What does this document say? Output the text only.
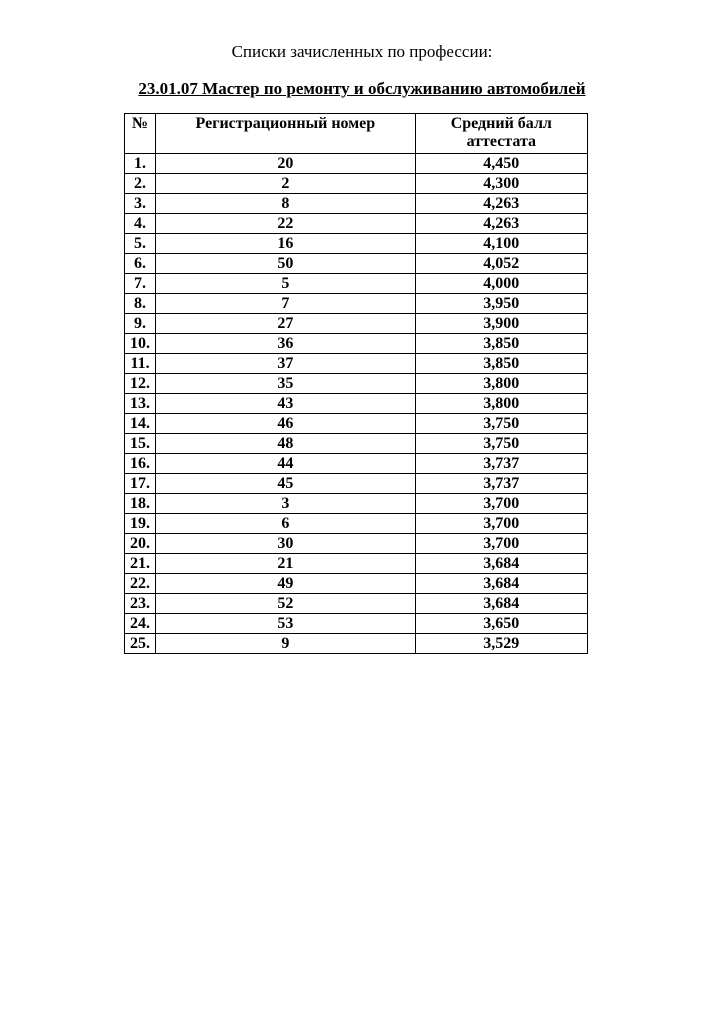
Списки зачисленных по профессии:
23.01.07 Мастер по ремонту и обслуживанию автомобилей
№	Регистрационный номер	Средний балл аттестата
1.	20	4,450
2.	2	4,300
3.	8	4,263
4.	22	4,263
5.	16	4,100
6.	50	4,052
7.	5	4,000
8.	7	3,950
9.	27	3,900
10.	36	3,850
11.	37	3,850
12.	35	3,800
13.	43	3,800
14.	46	3,750
15.	48	3,750
16.	44	3,737
17.	45	3,737
18.	3	3,700
19.	6	3,700
20.	30	3,700
21.	21	3,684
22.	49	3,684
23.	52	3,684
24.	53	3,650
25.	9	3,529
